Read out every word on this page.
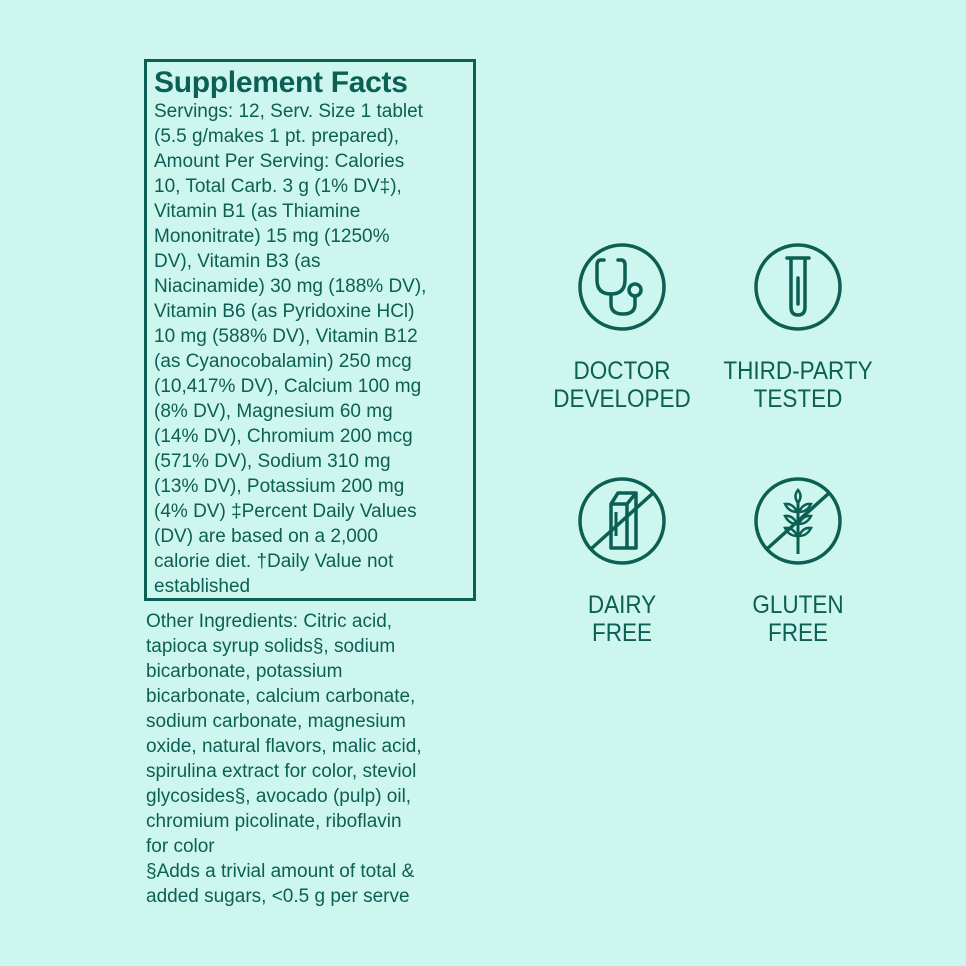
Supplement Facts

Servings: 12, Serv. Size 1 tablet
(5.5 g/makes 1 pt. prepared),
Amount Per Serving: Calories
10, Total Carb. 3 g (1% DV‡),
Vitamin B1 (as Thiamine
Mononitrate) 15 mg (1250%
DV), Vitamin B3 (as
Niacinamide) 30 mg (188% DV),
Vitamin B6 (as Pyridoxine HCl)
10 mg (588% DV), Vitamin B12
(as Cyanocobalamin) 250 mcg
(10,417% DV), Calcium 100 mg
(8% DV), Magnesium 60 mg
(14% DV), Chromium 200 mcg
(571% DV), Sodium 310 mg
(13% DV), Potassium 200 mg
(4% DV) ‡Percent Daily Values
(DV) are based on a 2,000
calorie diet. †Daily Value not
established

Other Ingredients: Citric acid,
tapioca syrup solids§, sodium
bicarbonate, potassium
bicarbonate, calcium carbonate,
sodium carbonate, magnesium
oxide, natural flavors, malic acid,
spirulina extract for color, steviol
glycosides§, avocado (pulp) oil,
chromium picolinate, riboflavin
for color

§Adds a trivial amount of total &
added sugars, <0.5 g per serve

DOCTOR
DEVELOPED
THIRD-PARTY
TESTED
DAIRY
FREE
GLUTEN
FREE
